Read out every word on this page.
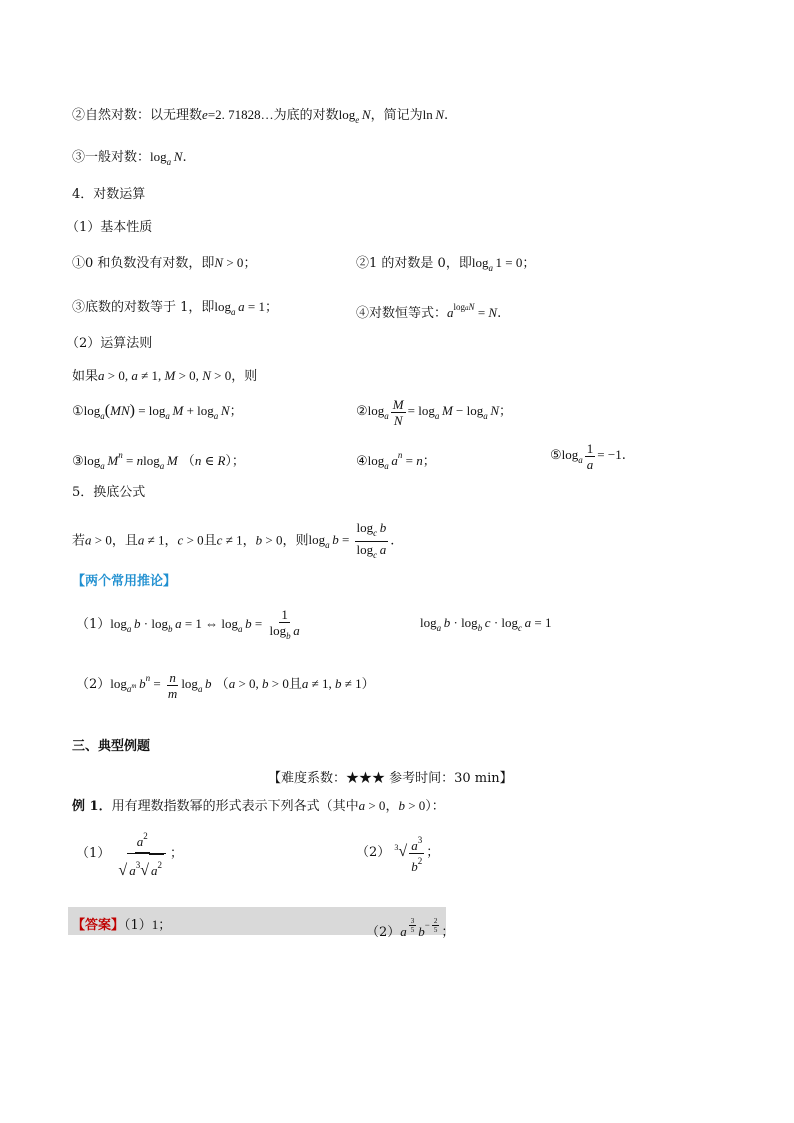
②自然对数：以无理数e=2. 71828…为底的对数$\log_e N$，简记为ln N.
③一般对数：$\log_a N$.
4．对数运算
（1）基本性质
①0 和负数没有对数，即N > 0；	②1 的对数是 0，即$\log_a 1 = 0$；
③底数的对数等于 1，即$\log_a a = 1$；	④对数恒等式：$a^{logaN} = N$.
（2）运算法则
如果a > 0, a ≠ 1, M > 0, N > 0，则
$①\log_a(MN) = \log_a M + \log_a N$；	$②\log_a \frac{M}{N} = \log_a M - \log_a N$；
$③\log_a$  $M^n = nlog_a$  M （n ∈ R）；	$④\log_a$  $a^n = n$；	$⑤\log_a \frac{1}{a} = -1$.
5．换底公式
若a > 0，且a ≠ 1，c > 0且c ≠ 1，b > 0，则$\log_a b = \frac{\log_c b}{\log_c a}$ .
【两个常用推论】
$(1)\log_a$  $b \cdot \log_b a = 1$ ⇔ $\log_a b = \frac{1}{\log_b a}$	$\log_a b \cdot \log_b c \cdot \log_c a = 1$
$(2)\log_{a^m}$  $b^n = \frac{n}{m} \log_a b$ （a > 0, b > 0且a ≠ 1, b ≠ 1）
三、典型例题
【难度系数：★★★ 参考时间：30 min】
例 1．用有理数指数幂的形式表示下列各式（其中a > 0，b > 0）：
$(1) \frac{a^2}{√ a^3√ a^2}$ ；	（2） $^3√ \frac{a^3}{b^2}$ ；
【答案】（1）1；
（2）a $^{\frac{3}{5}}$ $b^{- \frac{2}{5}}$ ；
